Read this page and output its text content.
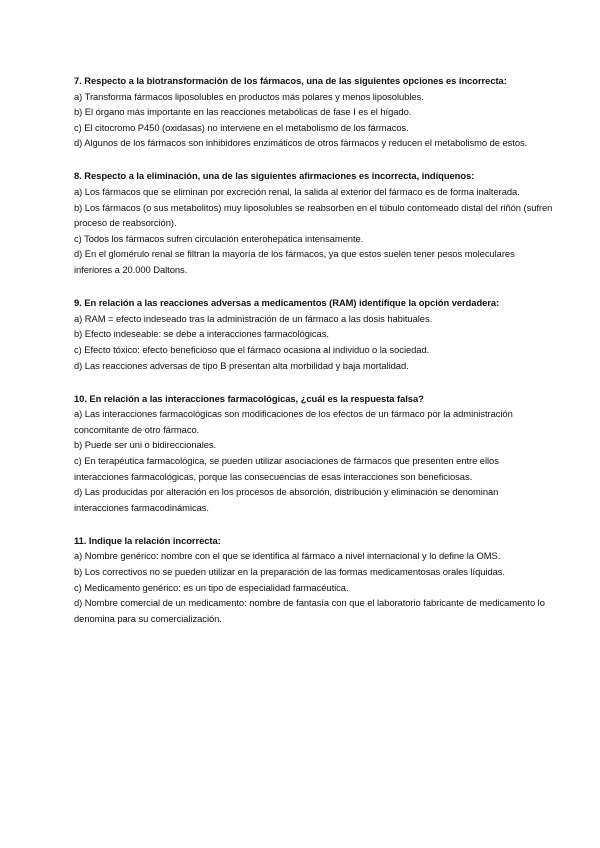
7. Respecto a la biotransformación de los fármacos, una de las siguientes opciones es incorrecta:
a) Transforma fármacos liposolubles en productos más polares y menos liposolubles.
b) El órgano más importante en las reacciones metabólicas de fase I es el hígado.
c) El citocromo P450 (oxidasas) no interviene en el metabolismo de los fármacos.
d) Algunos de los fármacos son inhibidores enzimáticos de otros fármacos y reducen el metabolismo de estos.
8. Respecto a la eliminación, una de las siguientes afirmaciones es incorrecta, indíquenos:
a) Los fármacos que se eliminan por excreción renal, la salida al exterior del fármaco es de forma inalterada.
b) Los fármacos (o sus metabolitos) muy liposolubles se reabsorben en el túbulo contorneado distal del riñón (sufren proceso de reabsorción).
c) Todos los fármacos sufren circulación enterohepática intensamente.
d) En el glomérulo renal se filtran la mayoría de los fármacos, ya que estos suelen tener pesos moleculares inferiores a 20.000 Daltons.
9. En relación a las reacciones adversas a medicamentos (RAM) identifique la opción verdadera:
a) RAM = efecto indeseado tras la administración de un fármaco a las dosis habituales.
b) Efecto indeseable: se debe a interacciones farmacológicas.
c) Efecto tóxico: efecto beneficioso que el fármaco ocasiona al individuo o la sociedad.
d) Las reacciones adversas de tipo B presentan alta morbilidad y baja mortalidad.
10. En relación a las interacciones farmacológicas, ¿cuál es la respuesta falsa?
a) Las interacciones farmacológicas son modificaciones de los efectos de un fármaco por la administración concomitante de otro fármaco.
b) Puede ser uni o bidireccionales.
c) En terapéutica farmacológica, se pueden utilizar asociaciones de fármacos que presenten entre ellos interacciones farmacológicas, porque las consecuencias de esas interacciones son beneficiosas.
d) Las producidas por alteración en los procesos de absorción, distribución y eliminación se denominan interacciones farmacodinámicas.
11. Indique la relación incorrecta:
a) Nombre genérico: nombre con el que se identifica al fármaco a nivel internacional y lo define la OMS.
b) Los correctivos no se pueden utilizar en la preparación de las formas medicamentosas orales líquidas.
c) Medicamento genérico: es un tipo de especialidad farmacéutica.
d) Nombre comercial de un medicamento: nombre de fantasía con que el laboratorio fabricante de medicamento lo denomina para su comercialización.
